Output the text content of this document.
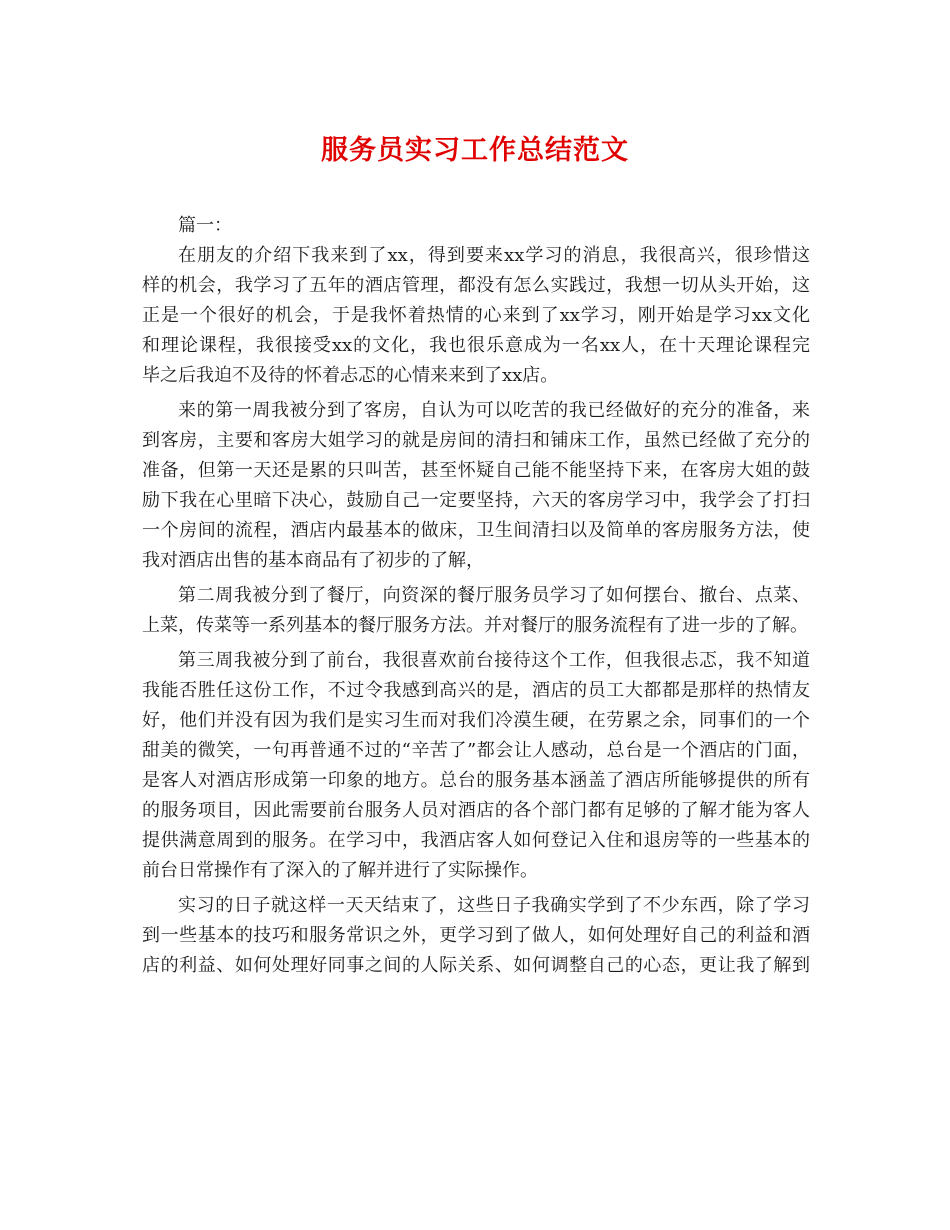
服务员实习工作总结范文
篇一：
在朋友的介绍下我来到了xx，得到要来xx学习的消息，我很高兴，很珍惜这
样的机会，我学习了五年的酒店管理，都没有怎么实践过，我想一切从头开始，这
正是一个很好的机会，于是我怀着热情的心来到了xx学习，刚开始是学习xx文化
和理论课程，我很接受xx的文化，我也很乐意成为一名xx人，在十天理论课程完
毕之后我迫不及待的怀着忐忑的心情来来到了xx店。
来的第一周我被分到了客房，自认为可以吃苦的我已经做好的充分的准备，来
到客房，主要和客房大姐学习的就是房间的清扫和铺床工作，虽然已经做了充分的
准备，但第一天还是累的只叫苦，甚至怀疑自己能不能坚持下来，在客房大姐的鼓
励下我在心里暗下决心，鼓励自己一定要坚持，六天的客房学习中，我学会了打扫
一个房间的流程，酒店内最基本的做床，卫生间清扫以及简单的客房服务方法，使
我对酒店出售的基本商品有了初步的了解，
第二周我被分到了餐厅，向资深的餐厅服务员学习了如何摆台、撤台、点菜、
上菜，传菜等一系列基本的餐厅服务方法。并对餐厅的服务流程有了进一步的了解。
第三周我被分到了前台，我很喜欢前台接待这个工作，但我很忐忑，我不知道
我能否胜任这份工作，不过令我感到高兴的是，酒店的员工大都都是那样的热情友
好，他们并没有因为我们是实习生而对我们冷漠生硬，在劳累之余，同事们的一个
甜美的微笑，一句再普通不过的“辛苦了”都会让人感动，总台是一个酒店的门面，
是客人对酒店形成第一印象的地方。总台的服务基本涵盖了酒店所能够提供的所有
的服务项目，因此需要前台服务人员对酒店的各个部门都有足够的了解才能为客人
提供满意周到的服务。在学习中，我酒店客人如何登记入住和退房等的一些基本的
前台日常操作有了深入的了解并进行了实际操作。
实习的日子就这样一天天结束了，这些日子我确实学到了不少东西，除了学习
到一些基本的技巧和服务常识之外，更学习到了做人，如何处理好自己的利益和酒
店的利益、如何处理好同事之间的人际关系、如何调整自己的心态，更让我了解到
